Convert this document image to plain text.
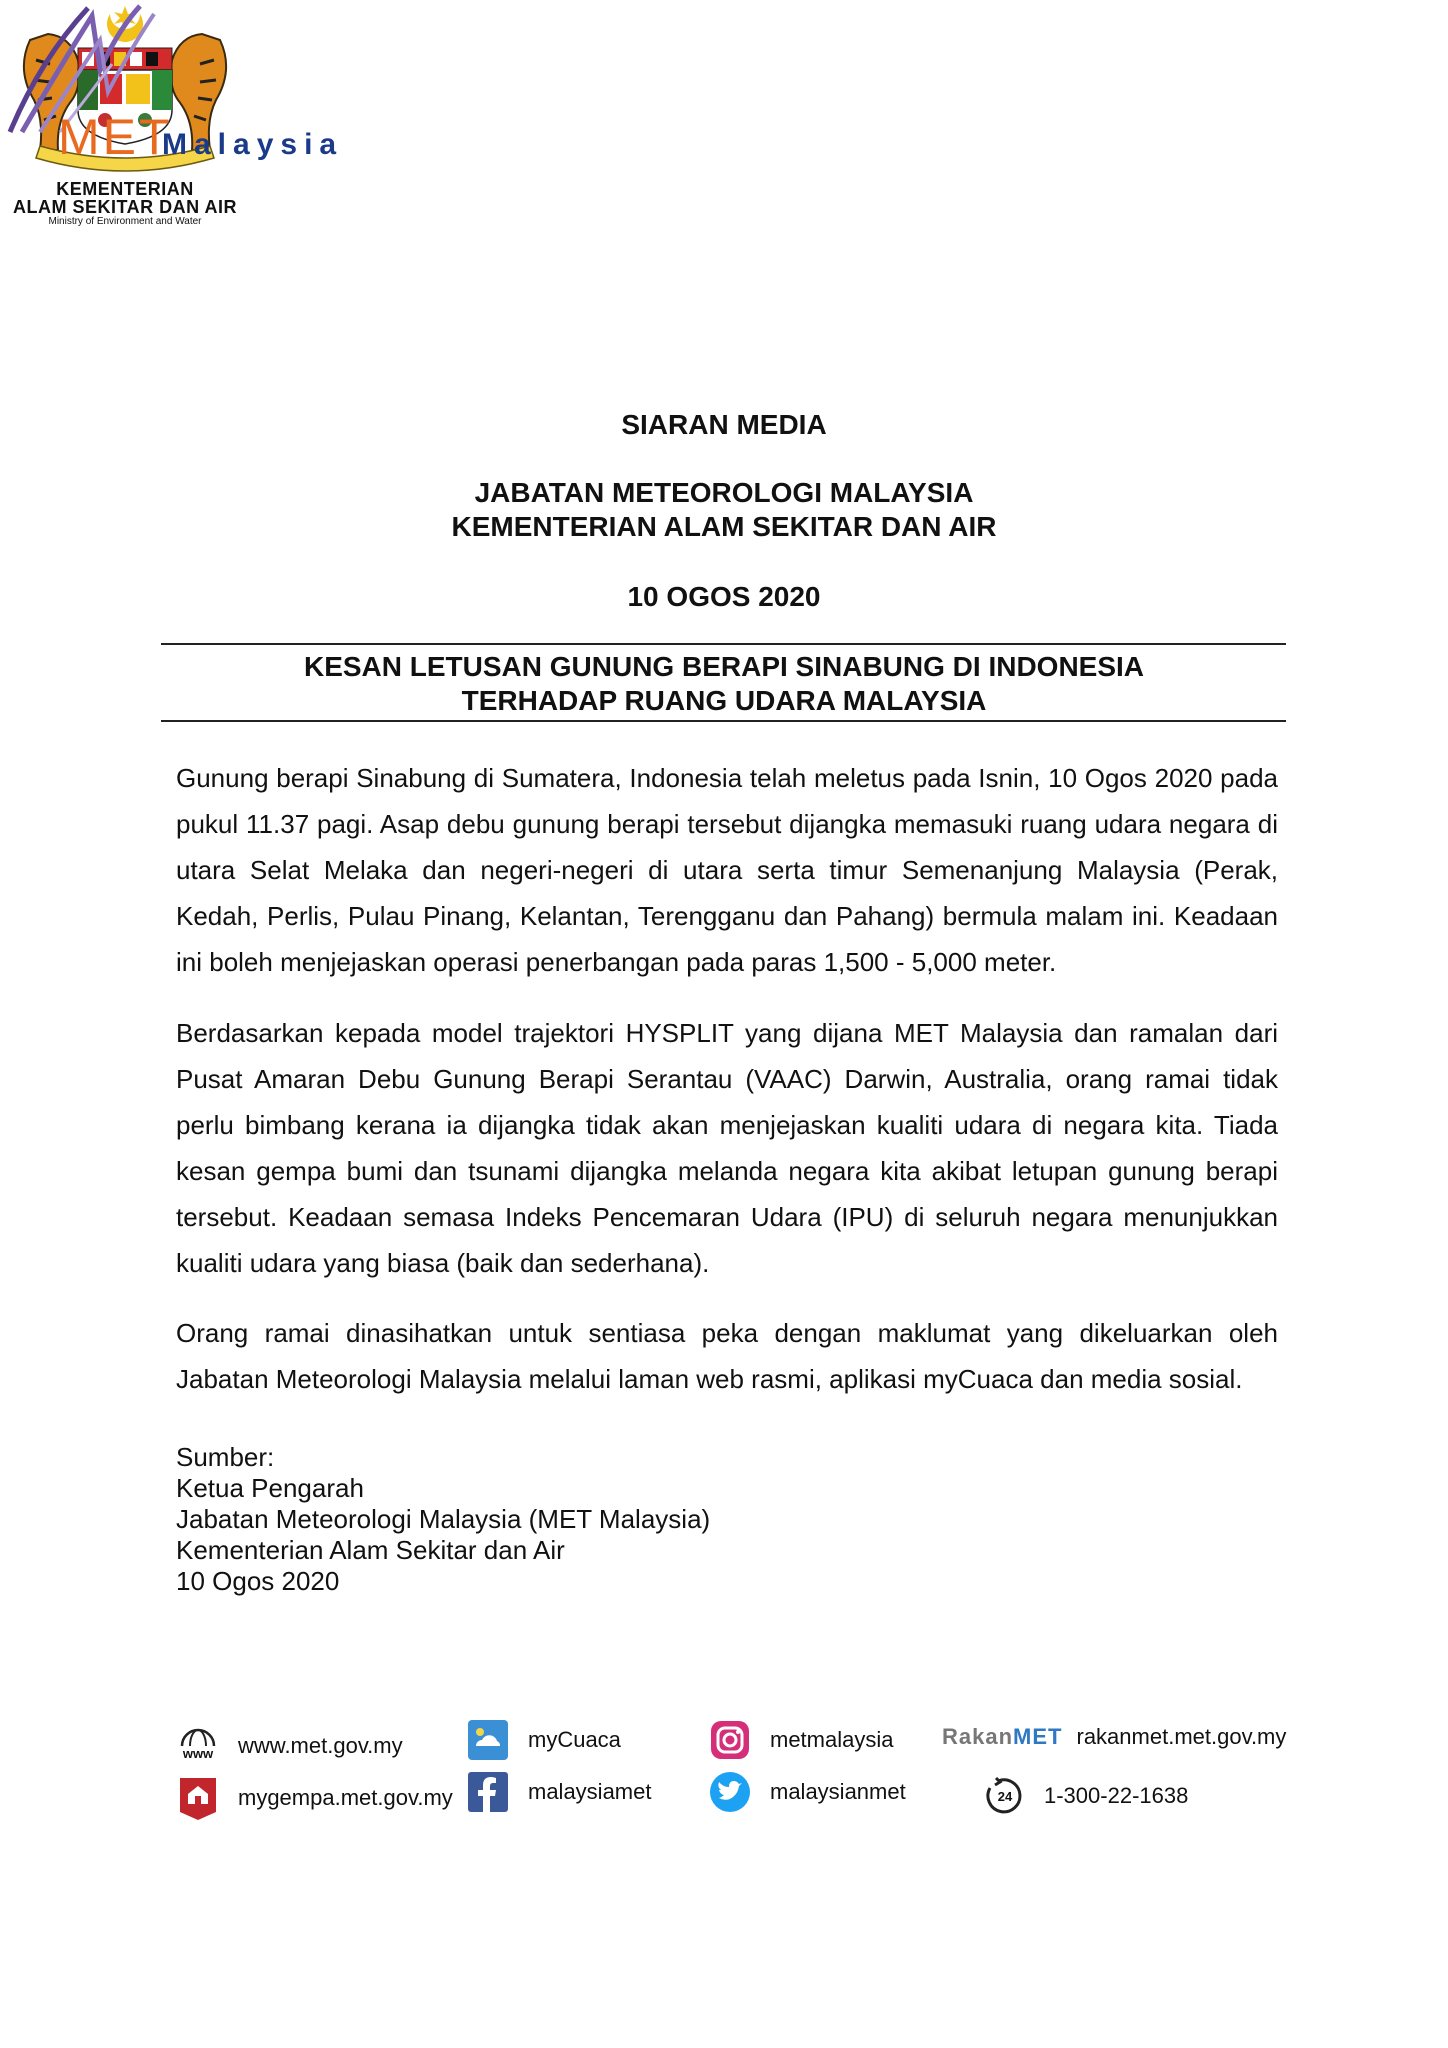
KEMENTERIAN
ALAM SEKITAR DAN AIR
Ministry of Environment and Water
MET
Malaysia
SIARAN MEDIA
JABATAN METEOROLOGI MALAYSIA
KEMENTERIAN ALAM SEKITAR DAN AIR
10 OGOS 2020
KESAN LETUSAN GUNUNG BERAPI SINABUNG DI INDONESIA
TERHADAP RUANG UDARA MALAYSIA

Gunung berapi Sinabung di Sumatera, Indonesia telah meletus pada Isnin, 10 Ogos 2020 pada pukul 11.37 pagi. Asap debu gunung berapi tersebut dijangka memasuki ruang udara negara di utara Selat Melaka dan negeri-negeri di utara serta timur Semenanjung Malaysia (Perak, Kedah, Perlis, Pulau Pinang, Kelantan, Terengganu dan Pahang) bermula malam ini. Keadaan ini boleh menjejaskan operasi penerbangan pada paras 1,500 - 5,000 meter.

Berdasarkan kepada model trajektori HYSPLIT yang dijana MET Malaysia dan ramalan dari Pusat Amaran Debu Gunung Berapi Serantau (VAAC) Darwin, Australia, orang ramai tidak perlu bimbang kerana ia dijangka tidak akan menjejaskan kualiti udara di negara kita. Tiada kesan gempa bumi dan tsunami dijangka melanda negara kita akibat letupan gunung berapi tersebut. Keadaan semasa Indeks Pencemaran Udara (IPU) di seluruh negara menunjukkan kualiti udara yang biasa (baik dan sederhana).

Orang ramai dinasihatkan untuk sentiasa peka dengan maklumat yang dikeluarkan oleh Jabatan Meteorologi Malaysia melalui laman web rasmi, aplikasi myCuaca dan media sosial.

Sumber:
Ketua Pengarah
Jabatan Meteorologi Malaysia (MET Malaysia)
Kementerian Alam Sekitar dan Air
10 Ogos 2020
www www.met.gov.my	myCuaca	metmalaysia RakanMET rakanmet.met.gov.my
mygempa.met.gov.my	malaysiamet	malaysianmet	24 1-300-22-1638
